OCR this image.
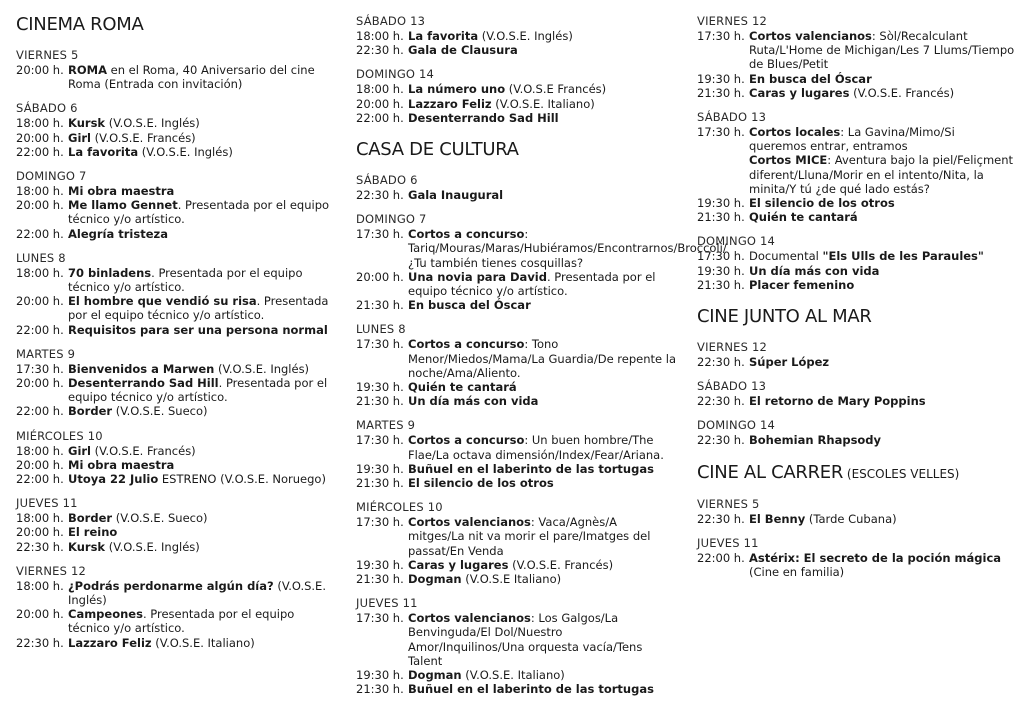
CINEMA ROMA
VIERNES 5
20:00 h. ROMA en el Roma, 40 Aniversario del cine Roma (Entrada con invitación)
SÁBADO 6
18:00 h. Kursk (V.O.S.E. Inglés)
20:00 h. Girl (V.O.S.E. Francés)
22:00 h. La favorita (V.O.S.E. Inglés)
DOMINGO 7
18:00 h. Mi obra maestra
20:00 h. Me llamo Gennet. Presentada por el equipo técnico y/o artístico.
22:00 h. Alegría tristeza
LUNES 8
18:00 h. 70 binladens. Presentada por el equipo técnico y/o artístico.
20:00 h. El hombre que vendió su risa. Presentada por el equipo técnico y/o artístico.
22:00 h. Requisitos para ser una persona normal
MARTES 9
17:30 h. Bienvenidos a Marwen (V.O.S.E. Inglés)
20:00 h. Desenterrando Sad Hill. Presentada por el equipo técnico y/o artístico.
22:00 h. Border (V.O.S.E. Sueco)
MIÉRCOLES 10
18:00 h. Girl (V.O.S.E. Francés)
20:00 h. Mi obra maestra
22:00 h. Utoya 22 Julio ESTRENO (V.O.S.E. Noruego)
JUEVES 11
18:00 h. Border (V.O.S.E. Sueco)
20:00 h. El reino
22:30 h. Kursk (V.O.S.E. Inglés)
VIERNES 12
18:00 h. ¿Podrás perdonarme algún día? (V.O.S.E. Inglés)
20:00 h. Campeones. Presentada por el equipo técnico y/o artístico.
22:30 h. Lazzaro Feliz (V.O.S.E. Italiano)
SÁBADO 13
18:00 h. La favorita (V.O.S.E. Inglés)
22:30 h. Gala de Clausura
DOMINGO 14
18:00 h. La número uno (V.O.S.E Francés)
20:00 h. Lazzaro Feliz (V.O.S.E. Italiano)
22:00 h. Desenterrando Sad Hill
CASA DE CULTURA
SÁBADO 6
22:30 h. Gala Inaugural
DOMINGO 7
17:30 h. Cortos a concurso: Tariq/Mouras/Maras/Hubiéramos/Encontrarnos/Broccoli/¿Tu también tienes cosquillas?
20:00 h. Una novia para David. Presentada por el equipo técnico y/o artístico.
21:30 h. En busca del Óscar
LUNES 8
17:30 h. Cortos a concurso: Tono Menor/Miedos/Mama/La Guardia/De repente la noche/Ama/Aliento.
19:30 h. Quién te cantará
21:30 h. Un día más con vida
MARTES 9
17:30 h. Cortos a concurso: Un buen hombre/The Flae/La octava dimensión/Index/Fear/Ariana.
19:30 h. Buñuel en el laberinto de las tortugas
21:30 h. El silencio de los otros
MIÉRCOLES 10
17:30 h. Cortos valencianos: Vaca/Agnès/A mitges/La nit va morir el pare/Imatges del passat/En Venda
19:30 h. Caras y lugares (V.O.S.E. Francés)
21:30 h. Dogman (V.O.S.E Italiano)
JUEVES 11
17:30 h. Cortos valencianos: Los Galgos/La Benvinguda/El Dol/Nuestro Amor/Inquilinos/Una orquesta vacía/Tens Talent
19:30 h. Dogman (V.O.S.E. Italiano)
21:30 h. Buñuel en el laberinto de las tortugas
VIERNES 12
17:30 h. Cortos valencianos: Sòl/Recalculant Ruta/L'Home de Michigan/Les 7 Llums/Tiempo de Blues/Petit
19:30 h. En busca del Óscar
21:30 h. Caras y lugares (V.O.S.E. Francés)
SÁBADO 13
17:30 h. Cortos locales: La Gavina/Mimo/Si queremos entrar, entramos
Cortos MICE: Aventura bajo la piel/Feliçment diferent/Lluna/Morir en el intento/Nita, la minita/Y tú ¿de qué lado estás?
19:30 h. El silencio de los otros
21:30 h. Quién te cantará
DOMINGO 14
17:30 h. Documental "Els Ulls de les Paraules"
19:30 h. Un día más con vida
21:30 h. Placer femenino
CINE JUNTO AL MAR
VIERNES 12
22:30 h. Súper López
SÁBADO 13
22:30 h. El retorno de Mary Poppins
DOMINGO 14
22:30 h. Bohemian Rhapsody
CINE AL CARRER (ESCOLES VELLES)
VIERNES 5
22:30 h. El Benny (Tarde Cubana)
JUEVES 11
22:00 h. Astérix: El secreto de la poción mágica (Cine en familia)
